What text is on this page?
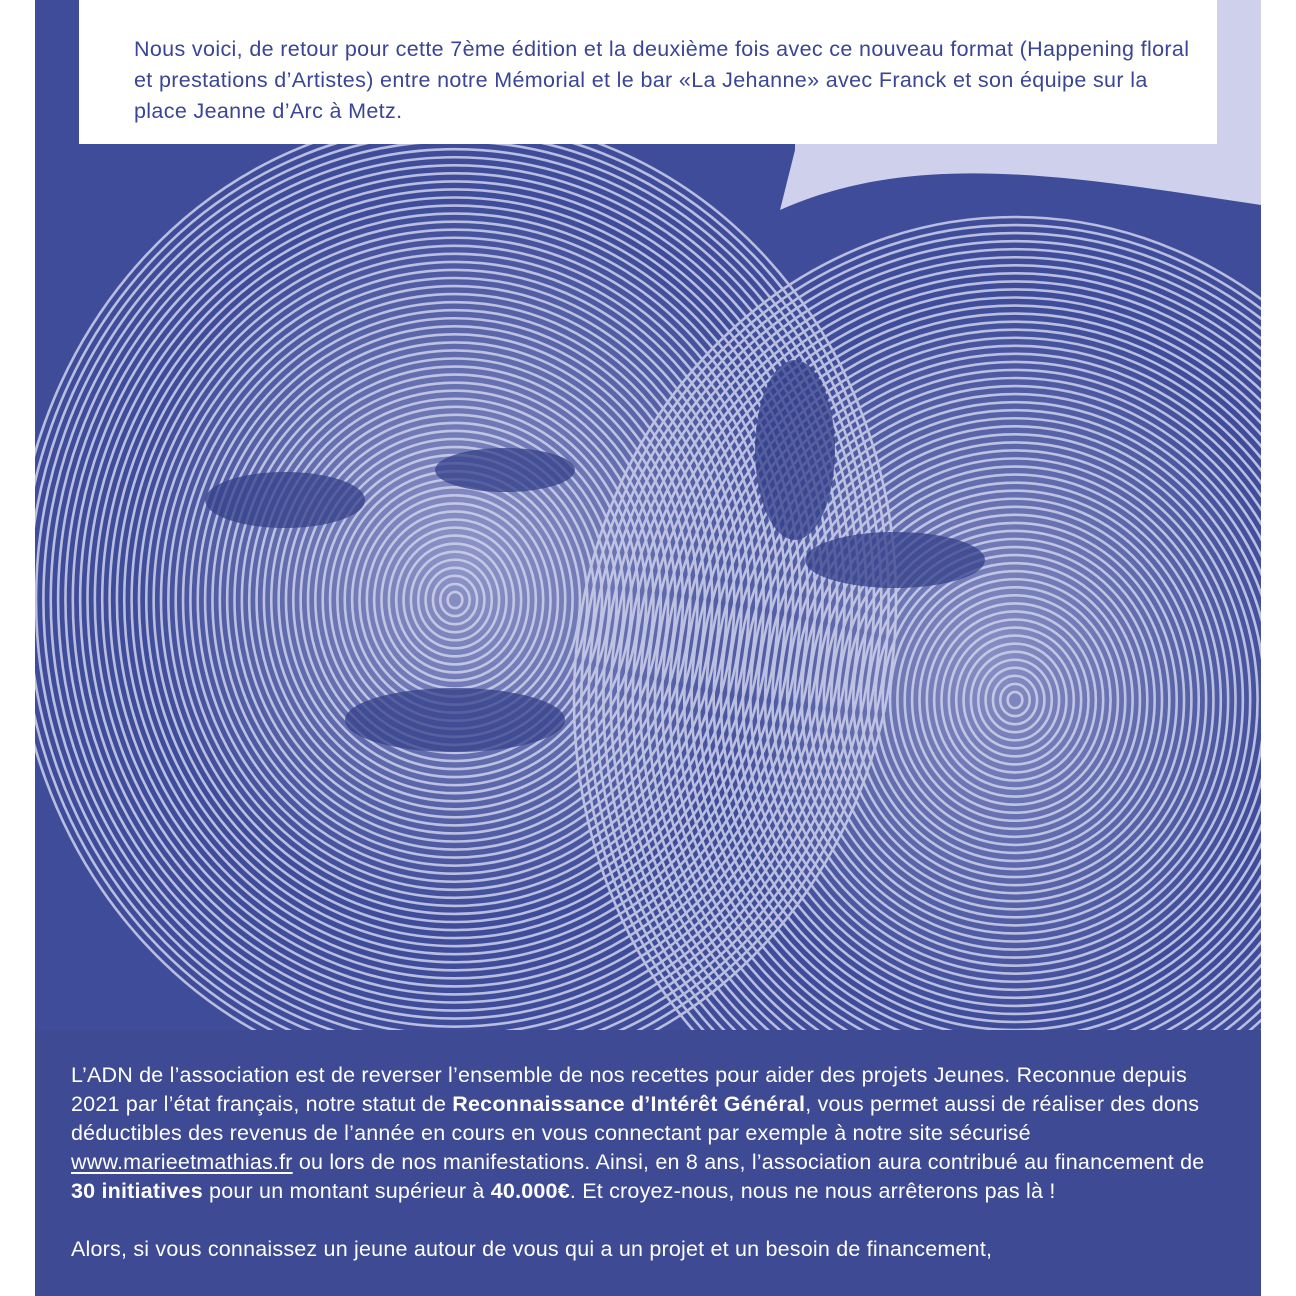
Nous voici, de retour pour cette 7ème édition et la deuxième fois avec ce nouveau format (Happening floral et prestations d’Artistes) entre notre Mémorial et le bar «La Jehanne» avec Franck et son équipe sur la place Jeanne d’Arc à Metz.

L’ADN de l’association est de reverser l’ensemble de nos recettes pour aider des projets Jeunes. Reconnue depuis 2021 par l’état français, notre statut de Reconnaissance d’Intérêt Général, vous permet aussi de réaliser des dons déductibles des revenus de l’année en cours en vous connectant par exemple à notre site sécurisé www.marieetmathias.fr ou lors de nos manifestations. Ainsi, en 8 ans, l’association aura contribué au financement de 30 initiatives pour un montant supérieur à 40.000€. Et croyez-nous, nous ne nous arrêterons pas là !

Alors, si vous connaissez un jeune autour de vous qui a un projet et un besoin de financement,
